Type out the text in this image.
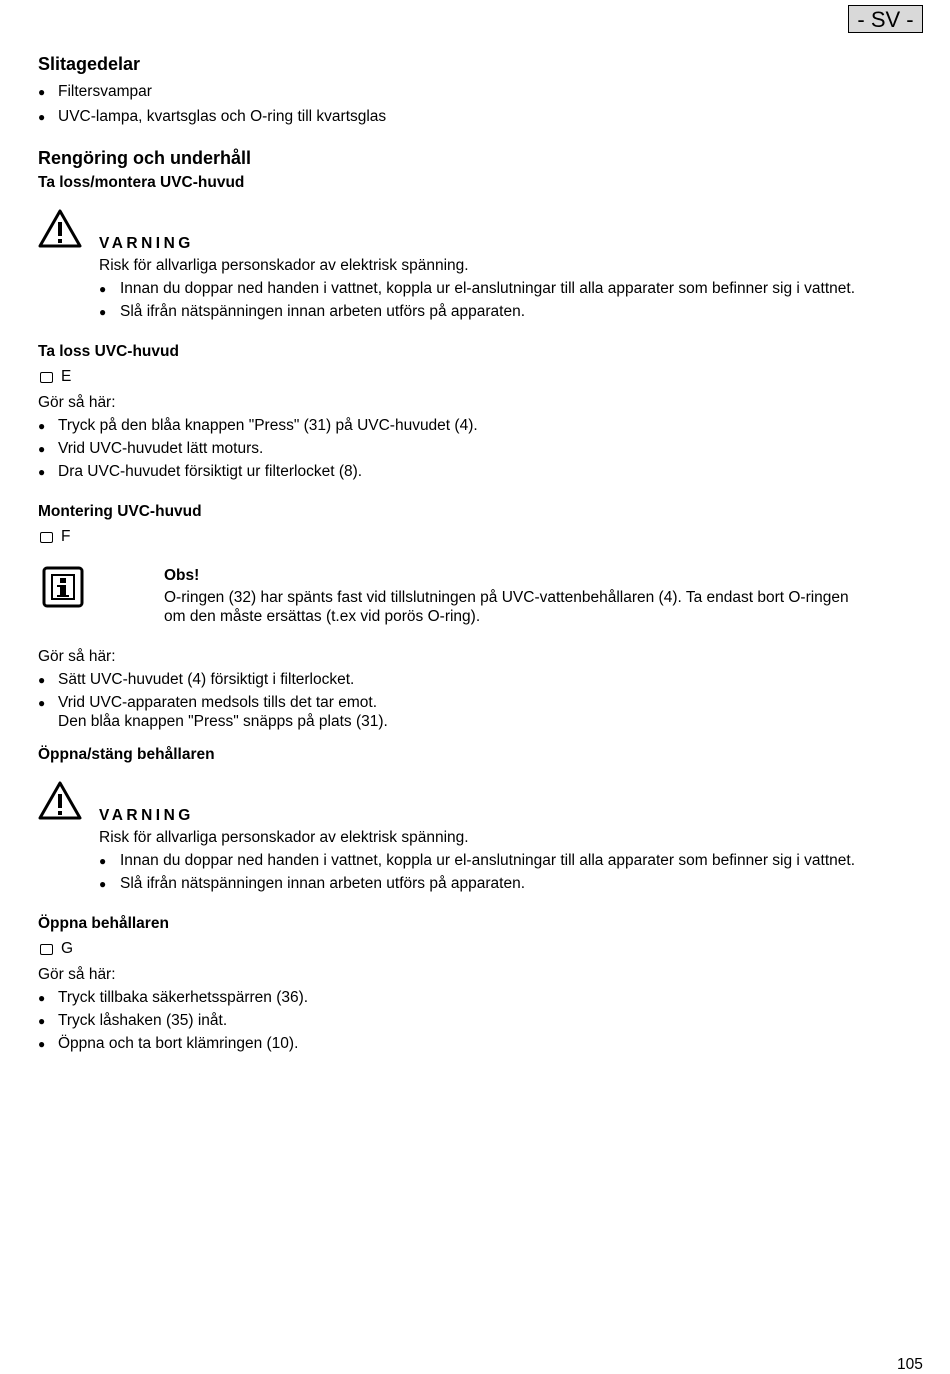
- SV -
Slitagedelar
● Filtersvampar
● UVC-lampa, kvartsglas och O-ring till kvartsglas
Rengöring och underhåll
Ta loss/montera UVC-huvud
VARNING
Risk för allvarliga personskador av elektrisk spänning.
● Innan du doppar ned handen i vattnet, koppla ur el-anslutningar till alla apparater som befinner sig i vattnet.
● Slå ifrån nätspänningen innan arbeten utförs på apparaten.
Ta loss UVC-huvud
E
Gör så här:
● Tryck på den blåa knappen "Press" (31) på UVC-huvudet (4).
● Vrid UVC-huvudet lätt moturs.
● Dra UVC-huvudet försiktigt ur filterlocket (8).
Montering UVC-huvud
F
Obs!
O-ringen (32) har spänts fast vid tillslutningen på UVC-vattenbehållaren (4). Ta endast bort O-ringen
om den måste ersättas (t.ex vid porös O-ring).
Gör så här:
● Sätt UVC-huvudet (4) försiktigt i filterlocket.
● Vrid UVC-apparaten medsols tills det tar emot.
Den blåa knappen "Press" snäpps på plats (31).
Öppna/stäng behållaren
VARNING
Risk för allvarliga personskador av elektrisk spänning.
● Innan du doppar ned handen i vattnet, koppla ur el-anslutningar till alla apparater som befinner sig i vattnet.
● Slå ifrån nätspänningen innan arbeten utförs på apparaten.
Öppna behållaren
G
Gör så här:
● Tryck tillbaka säkerhetsspärren (36).
● Tryck låshaken (35) inåt.
● Öppna och ta bort klämringen (10).
105
